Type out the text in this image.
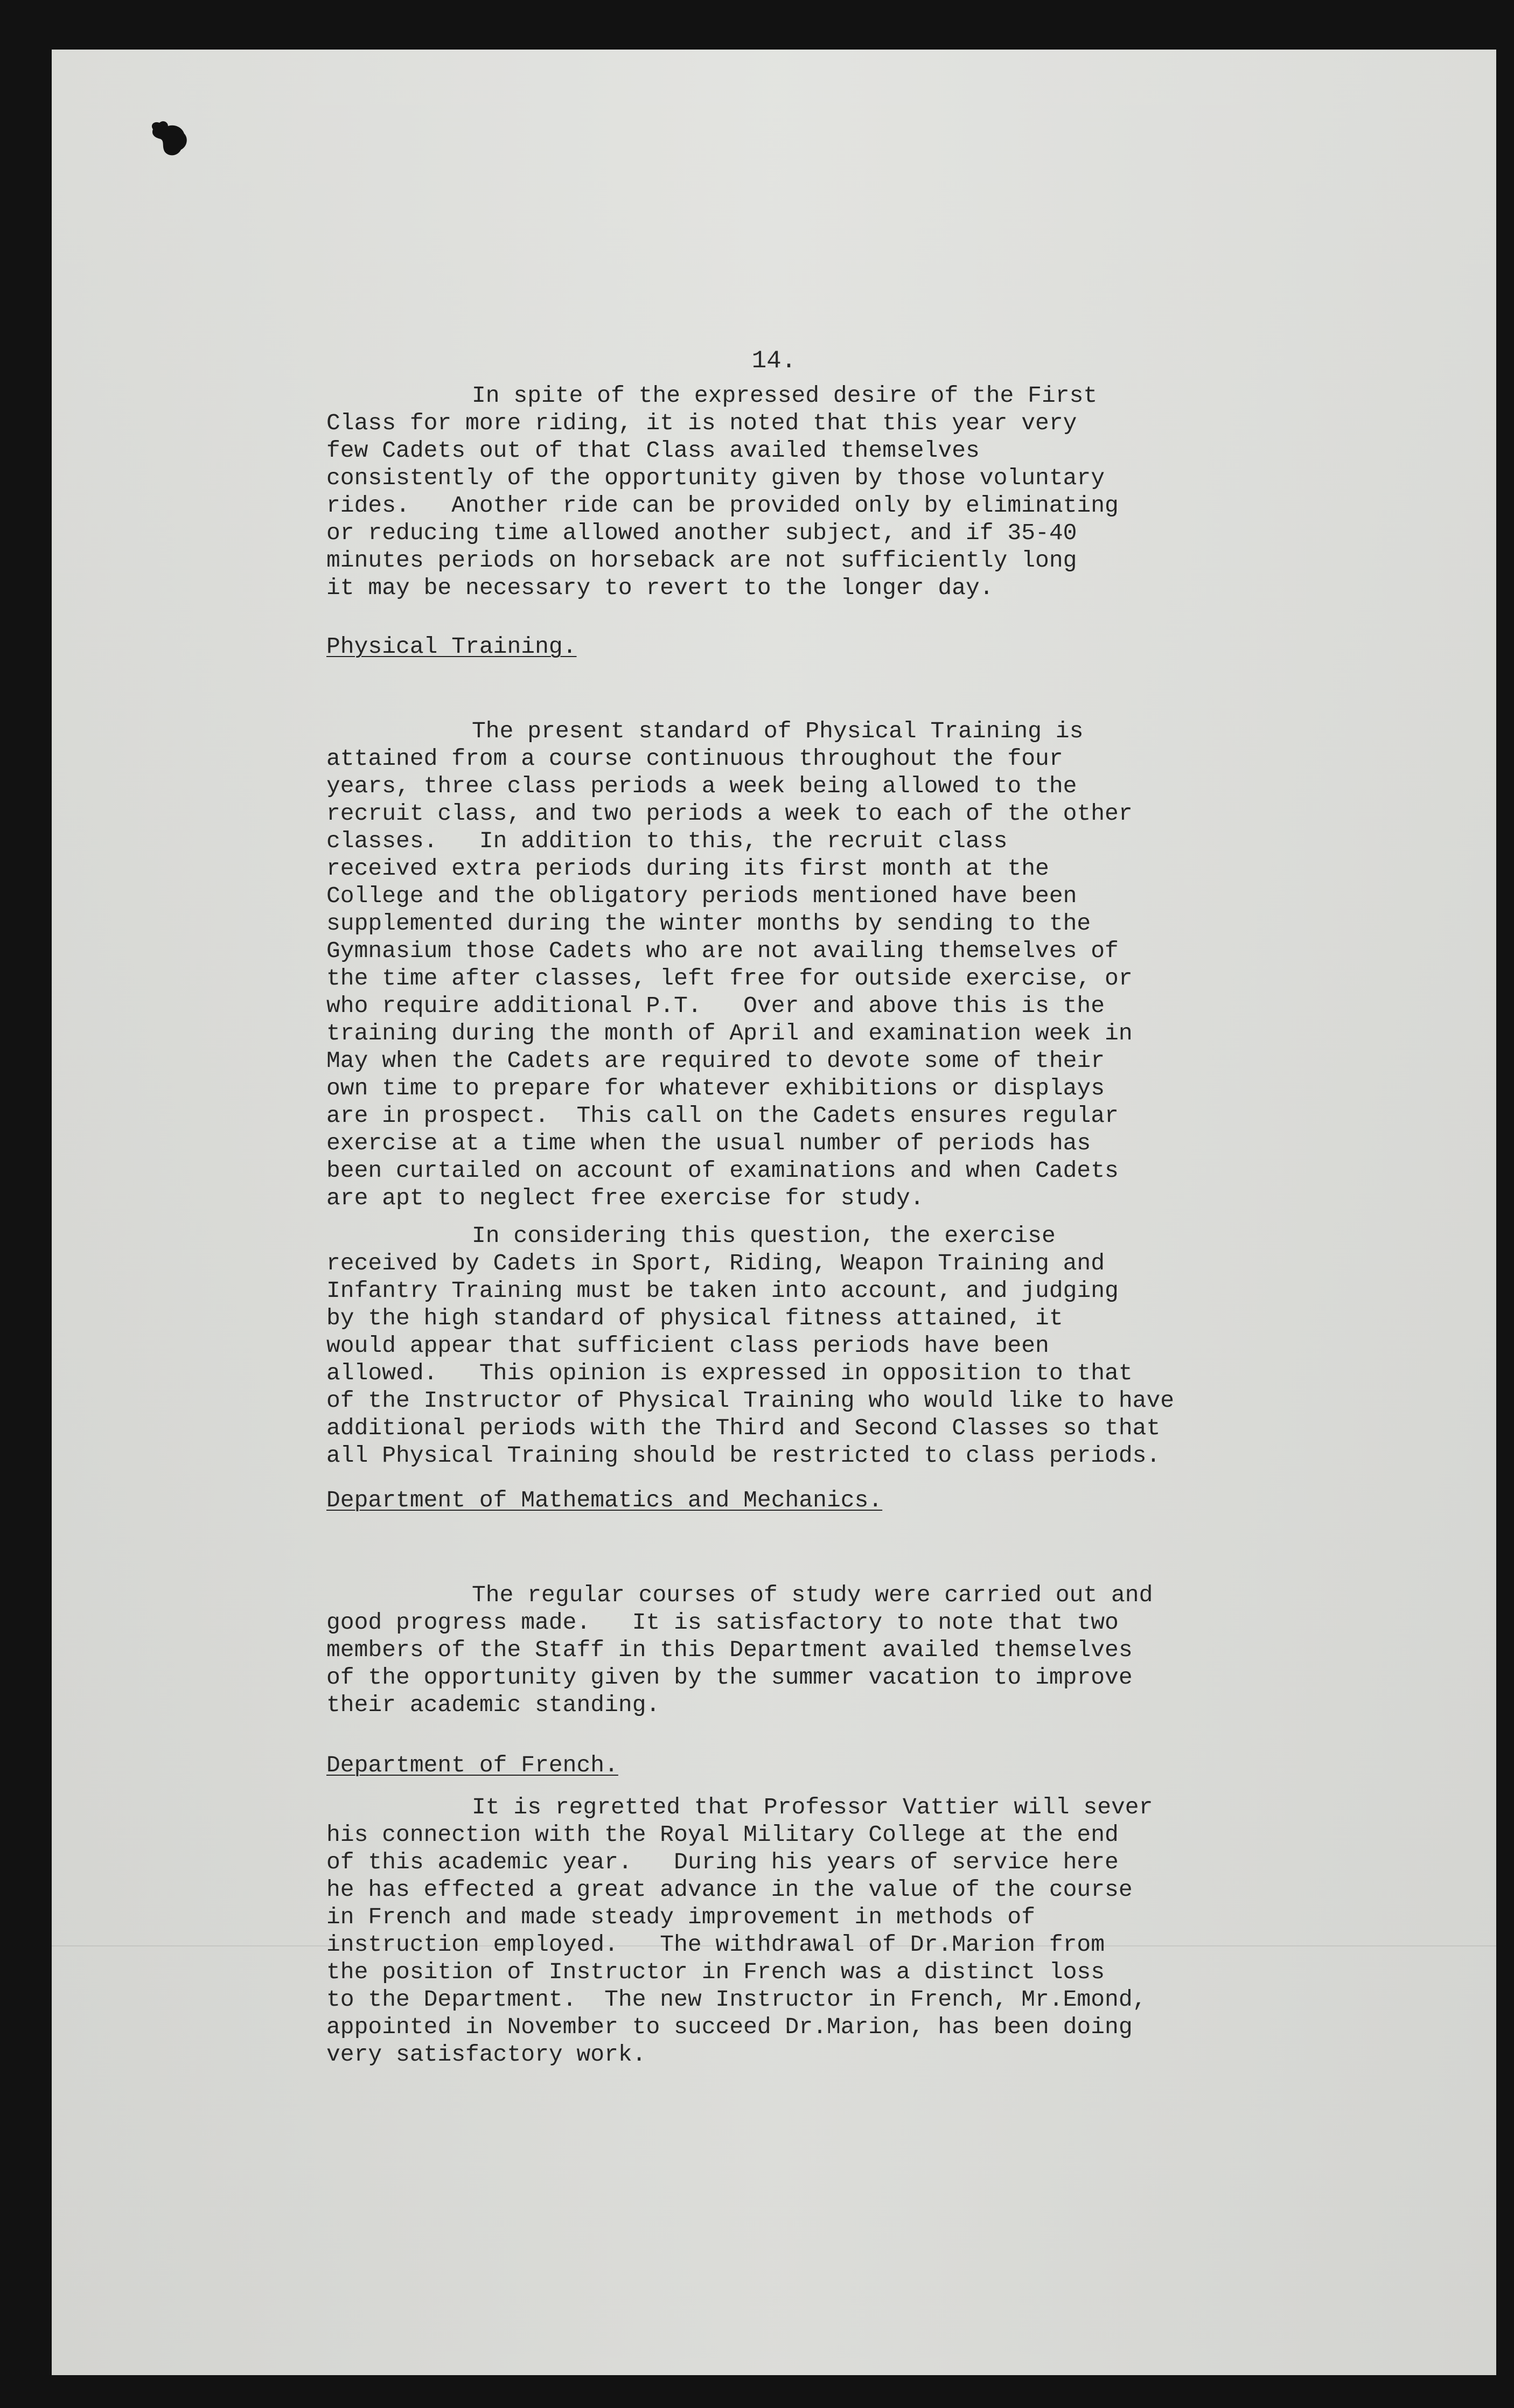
14.
In spite of the expressed desire of the First
Class for more riding, it is noted that this year very
few Cadets out of that Class availed themselves
consistently of the opportunity given by those voluntary
rides.   Another ride can be provided only by eliminating
or reducing time allowed another subject, and if 35-40
minutes periods on horseback are not sufficiently long
it may be necessary to revert to the longer day.
Physical Training.
The present standard of Physical Training is
attained from a course continuous throughout the four
years, three class periods a week being allowed to the
recruit class, and two periods a week to each of the other
classes.   In addition to this, the recruit class
received extra periods during its first month at the
College and the obligatory periods mentioned have been
supplemented during the winter months by sending to the
Gymnasium those Cadets who are not availing themselves of
the time after classes, left free for outside exercise, or
who require additional P.T.   Over and above this is the
training during the month of April and examination week in
May when the Cadets are required to devote some of their
own time to prepare for whatever exhibitions or displays
are in prospect.  This call on the Cadets ensures regular
exercise at a time when the usual number of periods has
been curtailed on account of examinations and when Cadets
are apt to neglect free exercise for study.
In considering this question, the exercise
received by Cadets in Sport, Riding, Weapon Training and
Infantry Training must be taken into account, and judging
by the high standard of physical fitness attained, it
would appear that sufficient class periods have been
allowed.   This opinion is expressed in opposition to that
of the Instructor of Physical Training who would like to have
additional periods with the Third and Second Classes so that
all Physical Training should be restricted to class periods.
Department of Mathematics and Mechanics.
The regular courses of study were carried out and
good progress made.   It is satisfactory to note that two
members of the Staff in this Department availed themselves
of the opportunity given by the summer vacation to improve
their academic standing.
Department of French.
It is regretted that Professor Vattier will sever
his connection with the Royal Military College at the end
of this academic year.   During his years of service here
he has effected a great advance in the value of the course
in French and made steady improvement in methods of
instruction employed.   The withdrawal of Dr.Marion from
the position of Instructor in French was a distinct loss
to the Department.  The new Instructor in French, Mr.Emond,
appointed in November to succeed Dr.Marion, has been doing
very satisfactory work.
